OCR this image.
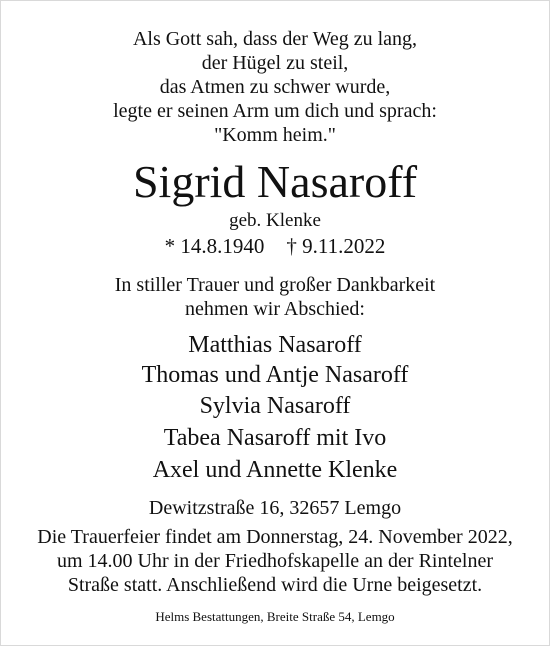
Als Gott sah, dass der Weg zu lang,
der Hügel zu steil,
das Atmen zu schwer wurde,
legte er seinen Arm um dich und sprach:
"Komm heim."
Sigrid Nasaroff
geb. Klenke
* 14.8.1940 † 9.11.2022
In stiller Trauer und großer Dankbarkeit
nehmen wir Abschied:
Matthias Nasaroff
Thomas und Antje Nasaroff
Sylvia Nasaroff
Tabea Nasaroff mit Ivo
Axel und Annette Klenke
Dewitzstraße 16, 32657 Lemgo
Die Trauerfeier findet am Donnerstag, 24. November 2022,
um 14.00 Uhr in der Friedhofskapelle an der Rintelner
Straße statt. Anschließend wird die Urne beigesetzt.
Helms Bestattungen, Breite Straße 54, Lemgo
